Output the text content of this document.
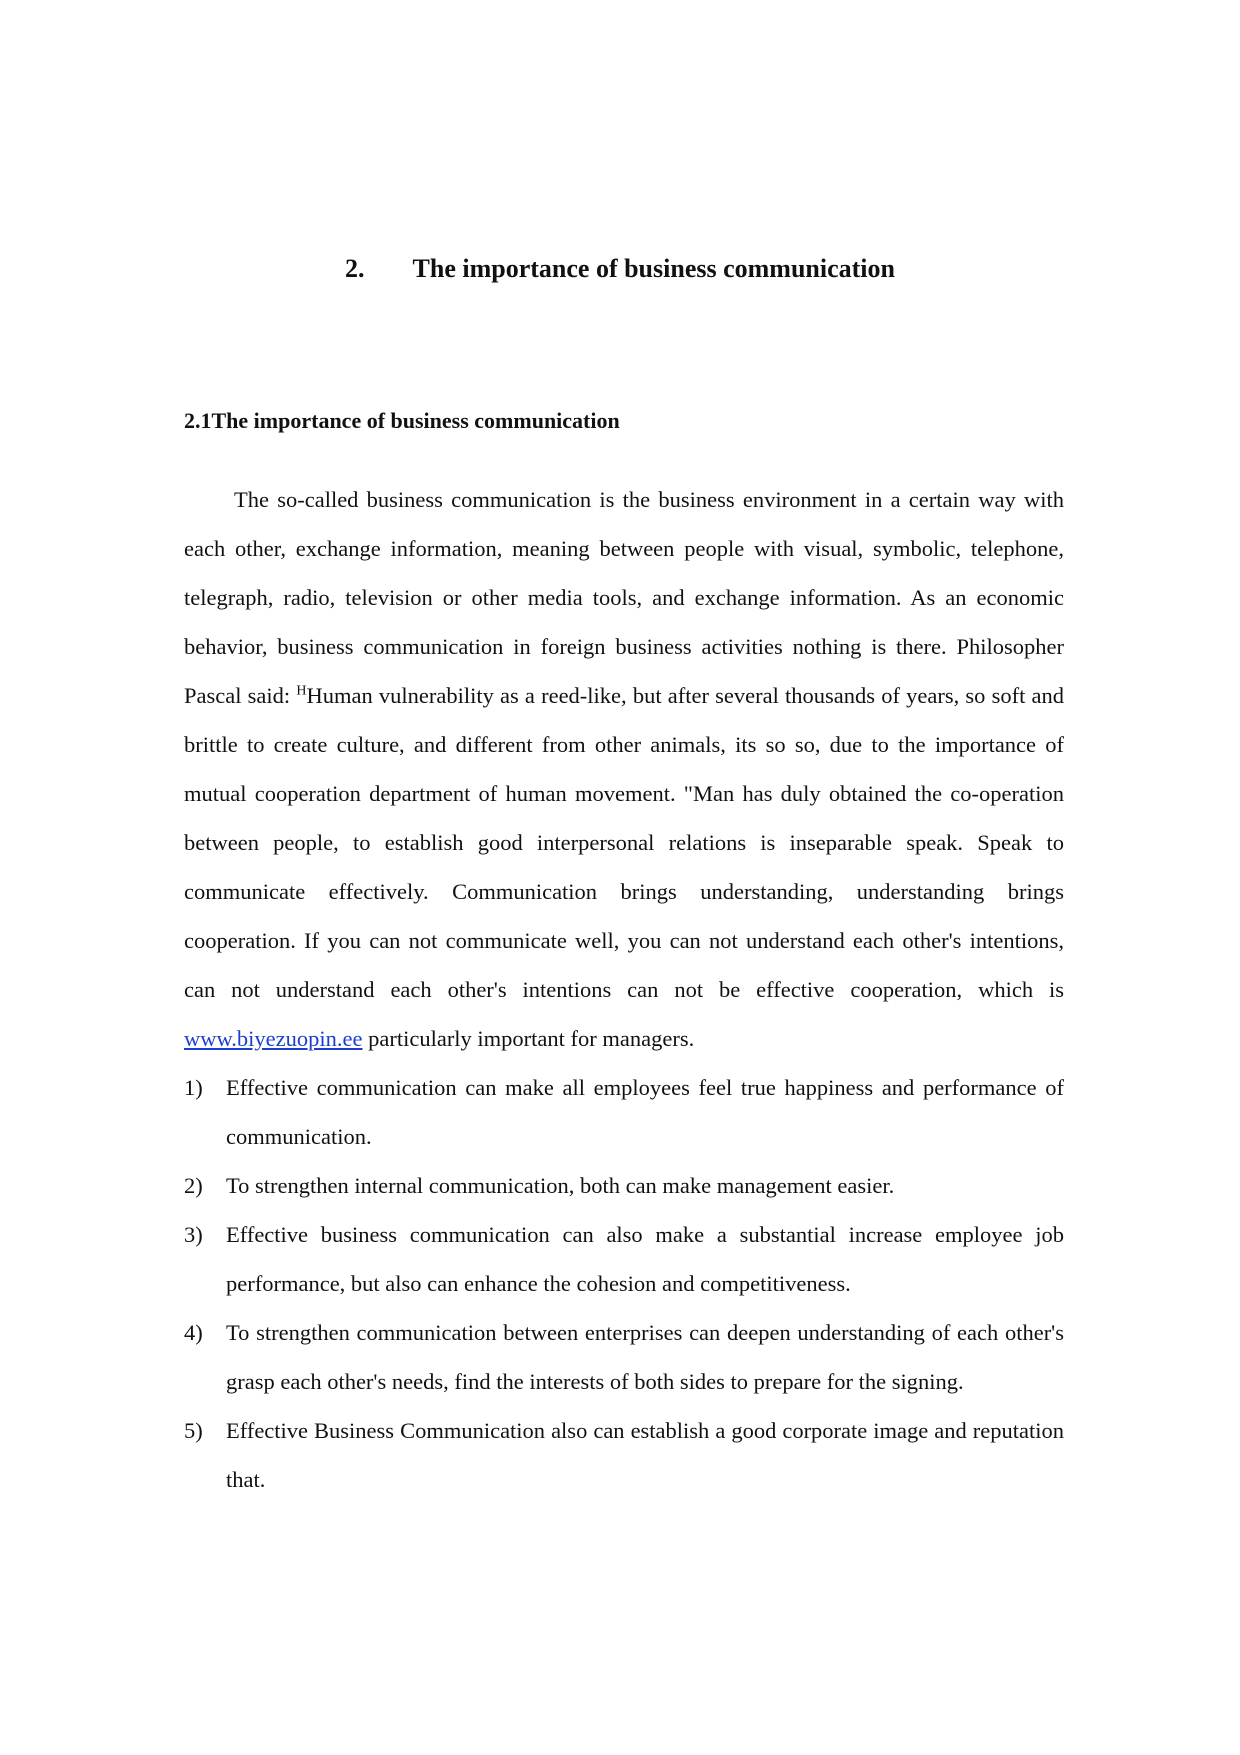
2. The importance of business communication
2.1The importance of business communication

The so-called business communication is the business environment in a certain way with each other, exchange information, meaning between people with visual, symbolic, telephone, telegraph, radio, television or other media tools, and exchange information. As an economic behavior, business communication in foreign business activities nothing is there. Philosopher Pascal said: $^H$Human vulnerability as a reed-like, but after several thousands of years, so soft and brittle to create culture, and different from other animals, its so so, due to the importance of mutual cooperation department of human movement. "Man has duly obtained the co-operation between people, to establish good interpersonal relations is inseparable speak. Speak to communicate effectively. Communication brings understanding, understanding brings cooperation. If you can not communicate well, you can not understand each other's intentions, can not understand each other's intentions can not be effective cooperation, which is www.biyezuopin.ee particularly important for managers.

1) Effective communication can make all employees feel true happiness and performance of communication.
2) To strengthen internal communication, both can make management easier.
3) Effective business communication can also make a substantial increase employee job performance, but also can enhance the cohesion and competitiveness.
4) To strengthen communication between enterprises can deepen understanding of each other's grasp each other's needs, find the interests of both sides to prepare for the signing.
5) Effective Business Communication also can establish a good corporate image and reputation that.
